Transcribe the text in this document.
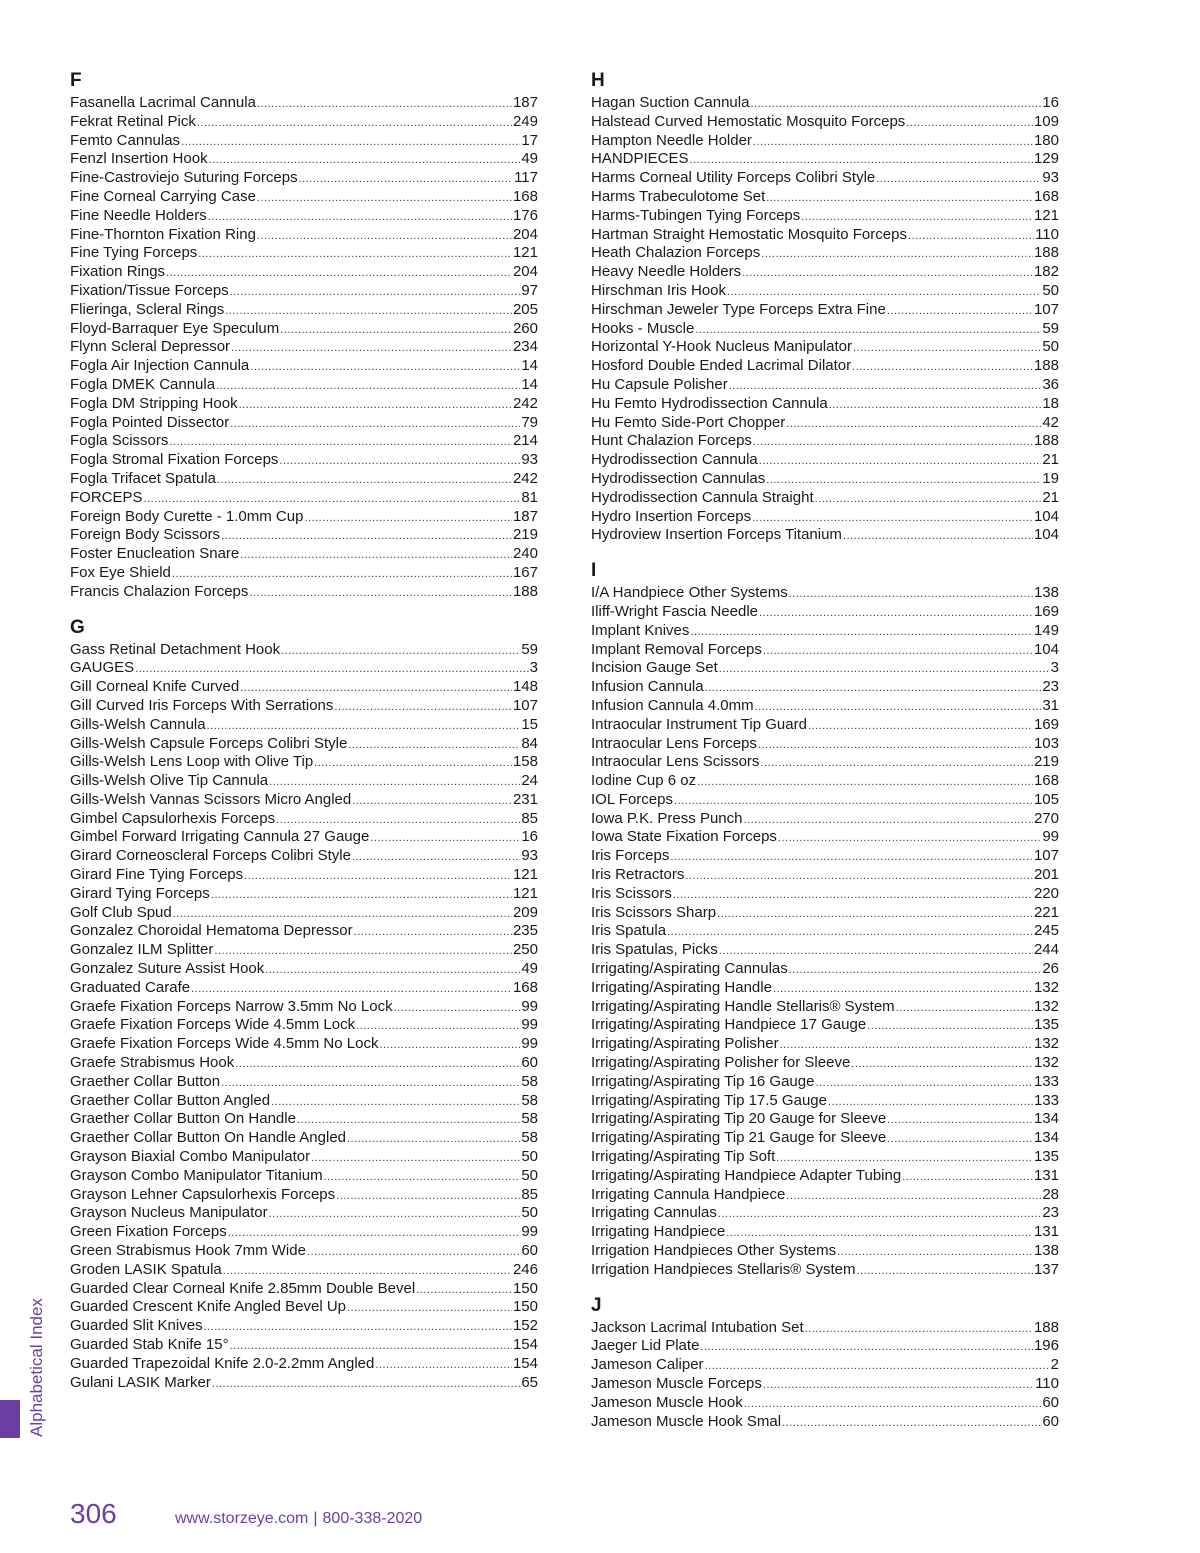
F
Fasanella Lacrimal Cannula .....	187
Fekrat Retinal Pick .....	249
Femto Cannulas .....	17
Fenzl Insertion Hook .....	49
Fine-Castroviejo Suturing Forceps .....	117
Fine Corneal Carrying Case .....	168
Fine Needle Holders .....	176
Fine-Thornton Fixation Ring .....	204
Fine Tying Forceps .....	121
Fixation Rings .....	204
Fixation/Tissue Forceps .....	97
Flieringa, Scleral Rings .....	205
Floyd-Barraquer Eye Speculum .....	260
Flynn Scleral Depressor .....	234
Fogla Air Injection Cannula .....	14
Fogla DMEK Cannula .....	14
Fogla DM Stripping Hook .....	242
Fogla Pointed Dissector .....	79
Fogla Scissors .....	214
Fogla Stromal Fixation Forceps .....	93
Fogla Trifacet Spatula .....	242
FORCEPS .....	81
Foreign Body Curette - 1.0mm Cup .....	187
Foreign Body Scissors .....	219
Foster Enucleation Snare .....	240
Fox Eye Shield .....	167
Francis Chalazion Forceps .....	188
G
Gass Retinal Detachment Hook .....	59
GAUGES .....	3
Gill Corneal Knife Curved .....	148
Gill Curved Iris Forceps With Serrations .....	107
Gills-Welsh Cannula .....	15
Gills-Welsh Capsule Forceps Colibri Style .....	84
Gills-Welsh Lens Loop with Olive Tip .....	158
Gills-Welsh Olive Tip Cannula .....	24
Gills-Welsh Vannas Scissors Micro Angled .....	231
Gimbel Capsulorhexis Forceps .....	85
Gimbel Forward Irrigating Cannula 27 Gauge .....	16
Girard Corneoscleral Forceps Colibri Style .....	93
Girard Fine Tying Forceps .....	121
Girard Tying Forceps .....	121
Golf Club Spud .....	209
Gonzalez Choroidal Hematoma Depressor .....	235
Gonzalez ILM Splitter .....	250
Gonzalez Suture Assist Hook .....	49
Graduated Carafe .....	168
Graefe Fixation Forceps Narrow 3.5mm No Lock .....	99
Graefe Fixation Forceps Wide 4.5mm Lock .....	99
Graefe Fixation Forceps Wide 4.5mm No Lock .....	99
Graefe Strabismus Hook .....	60
Graether Collar Button .....	58
Graether Collar Button Angled .....	58
Graether Collar Button On Handle .....	58
Graether Collar Button On Handle Angled .....	58
Grayson Biaxial Combo Manipulator .....	50
Grayson Combo Manipulator Titanium .....	50
Grayson Lehner Capsulorhexis Forceps .....	85
Grayson Nucleus Manipulator .....	50
Green Fixation Forceps .....	99
Green Strabismus Hook 7mm Wide .....	60
Groden LASIK Spatula .....	246
Guarded Clear Corneal Knife 2.85mm Double Bevel .....	150
Guarded Crescent Knife Angled Bevel Up .....	150
Guarded Slit Knives .....	152
Guarded Stab Knife 15° .....	154
Guarded Trapezoidal Knife 2.0-2.2mm Angled .....	154
Gulani LASIK Marker .....	65
H
Hagan Suction Cannula .....	16
Halstead Curved Hemostatic Mosquito Forceps .....	109
Hampton Needle Holder .....	180
HANDPIECES .....	129
Harms Corneal Utility Forceps Colibri Style .....	93
Harms Trabeculotome Set .....	168
Harms-Tubingen Tying Forceps .....	121
Hartman Straight Hemostatic Mosquito Forceps .....	110
Heath Chalazion Forceps .....	188
Heavy Needle Holders .....	182
Hirschman Iris Hook .....	50
Hirschman Jeweler Type Forceps Extra Fine .....	107
Hooks - Muscle .....	59
Horizontal Y-Hook Nucleus Manipulator .....	50
Hosford Double Ended Lacrimal Dilator .....	188
Hu Capsule Polisher .....	36
Hu Femto Hydrodissection Cannula .....	18
Hu Femto Side-Port Chopper .....	42
Hunt Chalazion Forceps .....	188
Hydrodissection Cannula .....	21
Hydrodissection Cannulas .....	19
Hydrodissection Cannula Straight .....	21
Hydro Insertion Forceps .....	104
Hydroview Insertion Forceps Titanium .....	104
I
I/A Handpiece Other Systems .....	138
Iliff-Wright Fascia Needle .....	169
Implant Knives .....	149
Implant Removal Forceps .....	104
Incision Gauge Set .....	3
Infusion Cannula .....	23
Infusion Cannula 4.0mm .....	31
Intraocular Instrument Tip Guard .....	169
Intraocular Lens Forceps .....	103
Intraocular Lens Scissors .....	219
Iodine Cup 6 oz .....	168
IOL Forceps .....	105
Iowa P.K. Press Punch .....	270
Iowa State Fixation Forceps .....	99
Iris Forceps .....	107
Iris Retractors .....	201
Iris Scissors .....	220
Iris Scissors Sharp .....	221
Iris Spatula .....	245
Iris Spatulas, Picks .....	244
Irrigating/Aspirating Cannulas .....	26
Irrigating/Aspirating Handle .....	132
Irrigating/Aspirating Handle Stellaris® System .....	132
Irrigating/Aspirating Handpiece 17 Gauge .....	135
Irrigating/Aspirating Polisher .....	132
Irrigating/Aspirating Polisher for Sleeve .....	132
Irrigating/Aspirating Tip 16 Gauge .....	133
Irrigating/Aspirating Tip 17.5 Gauge .....	133
Irrigating/Aspirating Tip 20 Gauge for Sleeve .....	134
Irrigating/Aspirating Tip 21 Gauge for Sleeve .....	134
Irrigating/Aspirating Tip Soft .....	135
Irrigating/Aspirating Handpiece Adapter Tubing .....	131
Irrigating Cannula Handpiece .....	28
Irrigating Cannulas .....	23
Irrigating Handpiece .....	131
Irrigation Handpieces Other Systems .....	138
Irrigation Handpieces Stellaris® System .....	137
J
Jackson Lacrimal Intubation Set .....	188
Jaeger Lid Plate .....	196
Jameson Caliper .....	2
Jameson Muscle Forceps .....	110
Jameson Muscle Hook .....	60
Jameson Muscle Hook Smal .....	60
Alphabetical Index
306	www.storzeye.com | 800-338-2020
